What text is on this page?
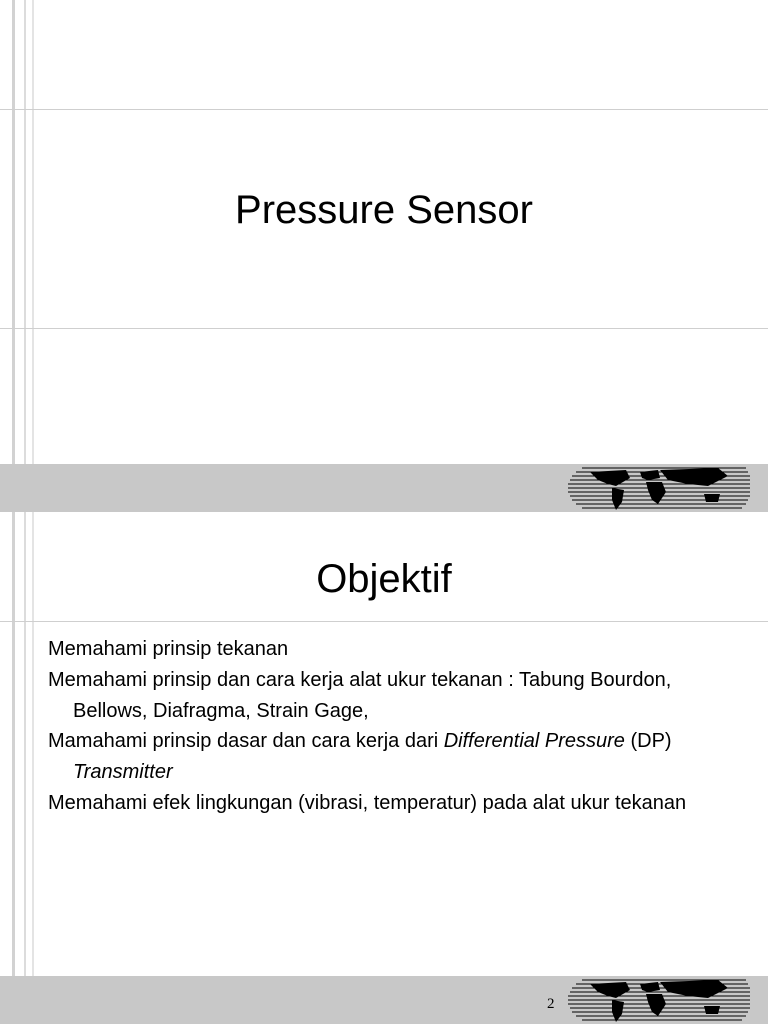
Pressure Sensor
Objektif
Memahami prinsip tekanan
Memahami prinsip dan cara kerja alat ukur tekanan : Tabung Bourdon, Bellows, Diafragma, Strain Gage,
Mamahami prinsip dasar dan cara kerja dari Differential Pressure (DP) Transmitter
Memahami efek lingkungan (vibrasi, temperatur) pada alat ukur tekanan
2
